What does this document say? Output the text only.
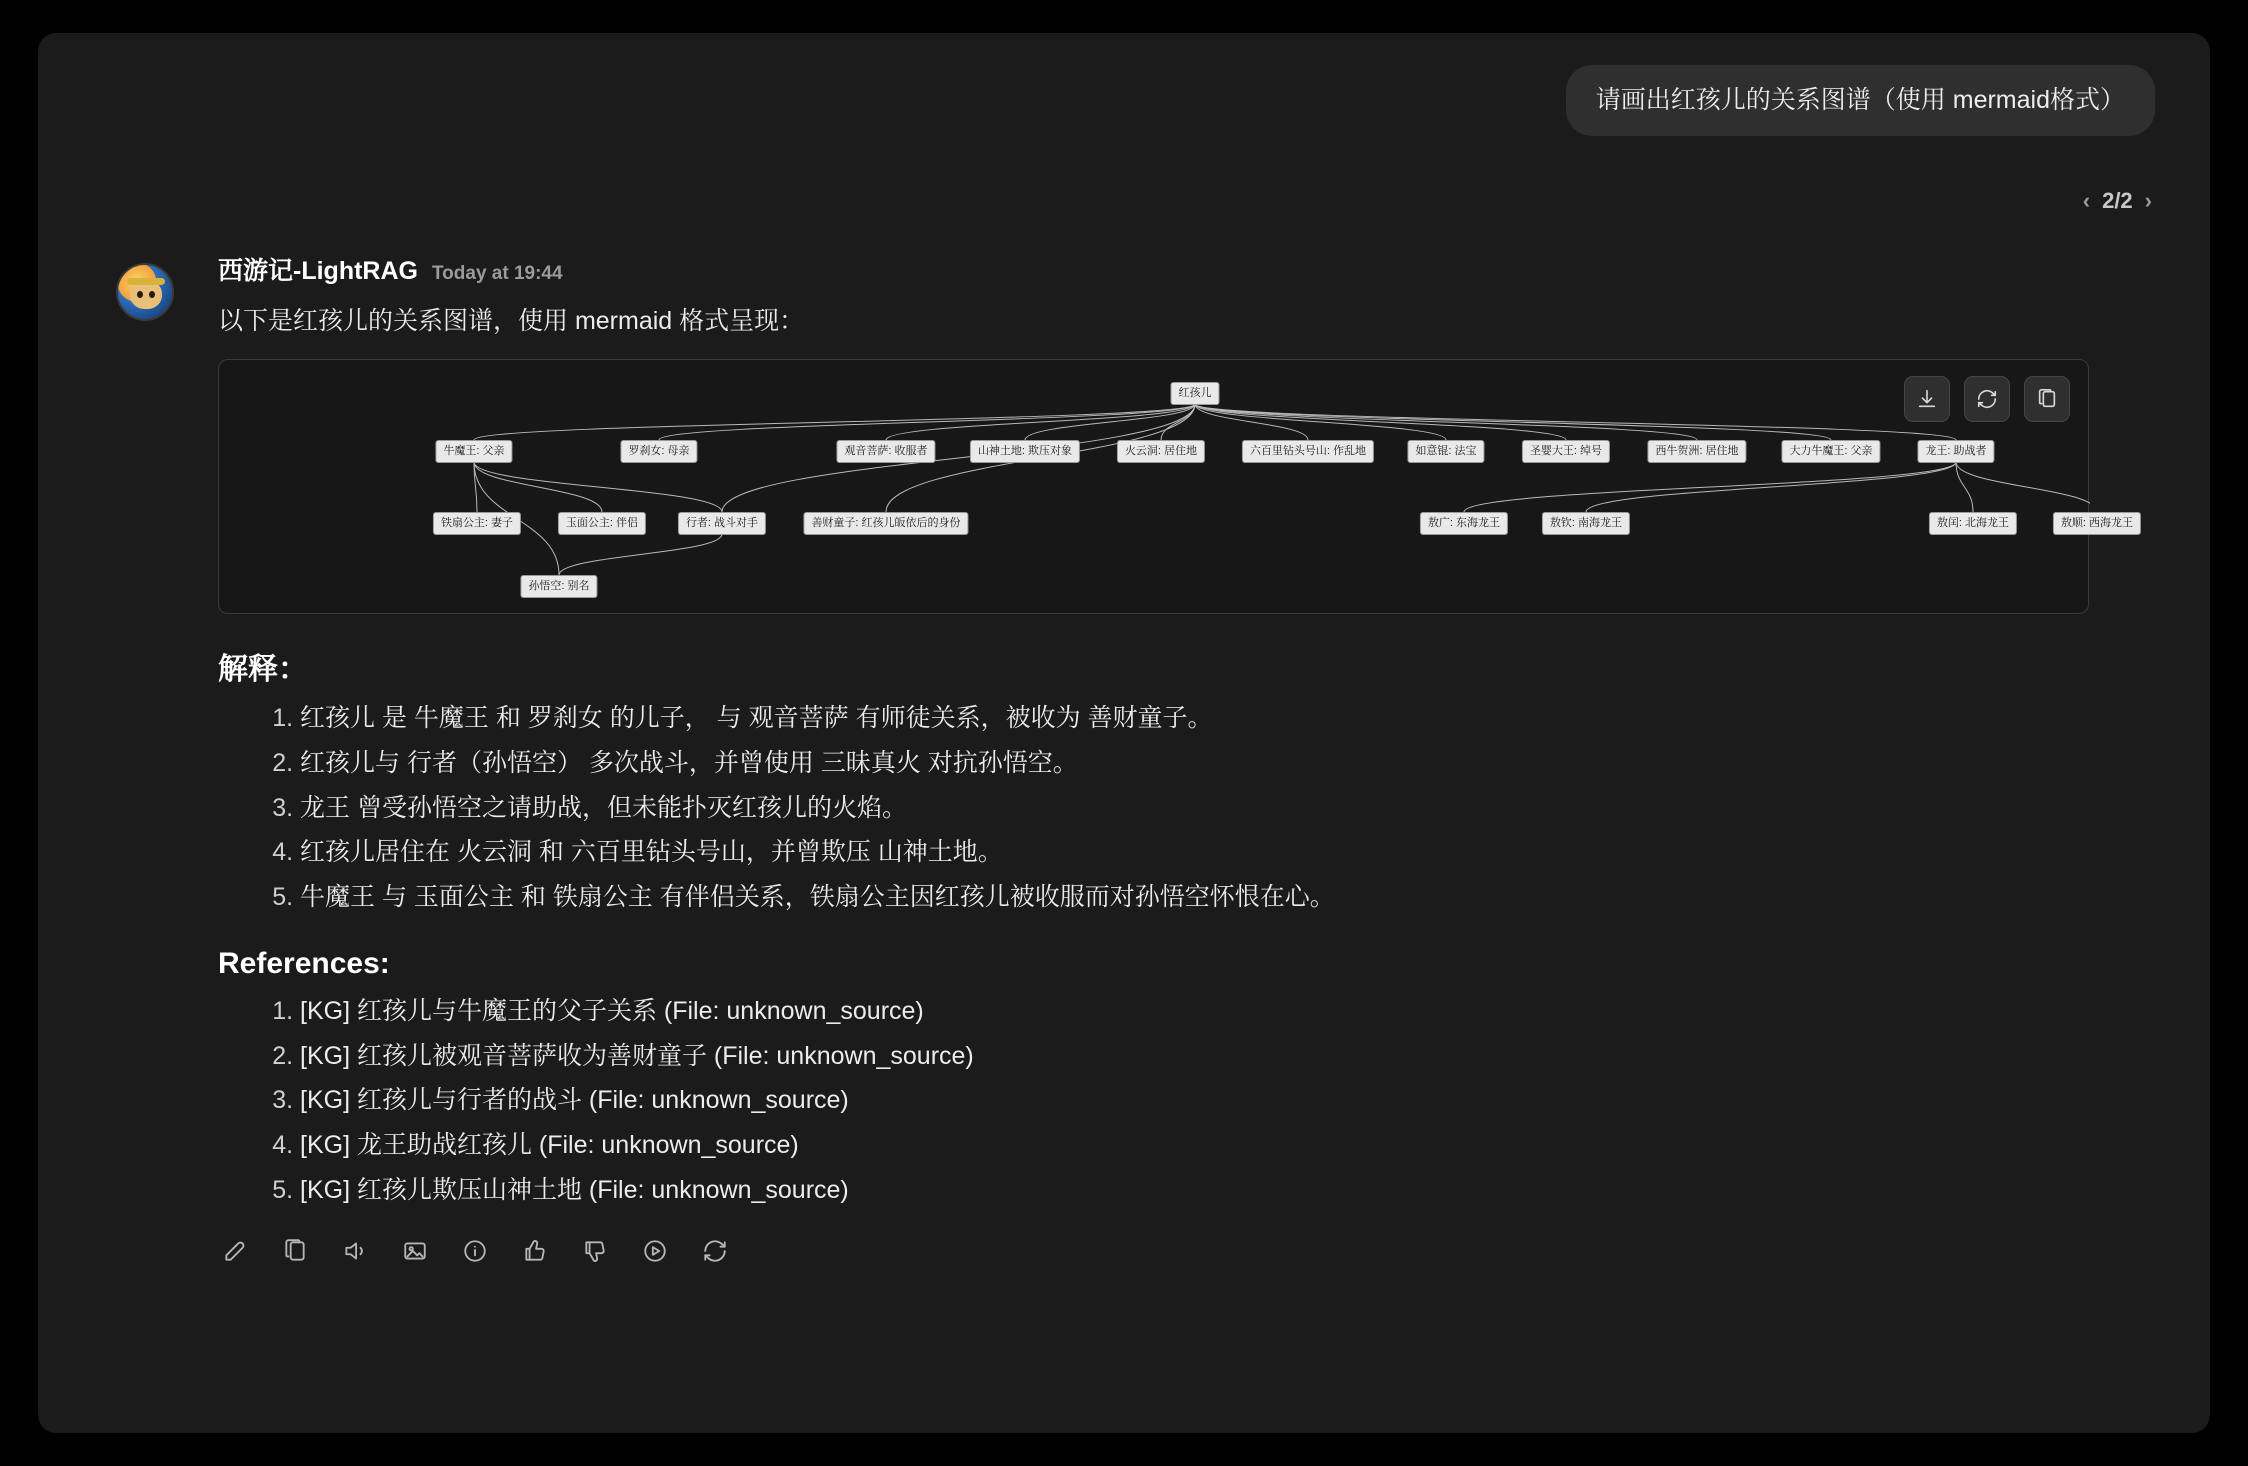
请画出红孩儿的关系图谱（使用 mermaid格式）
‹ 2/2 ›
西游记-LightRAG Today at 19:44
以下是红孩儿的关系图谱，使用 mermaid 格式呈现：
红孩儿
牛魔王: 父亲	罗刹女: 母亲	观音菩萨: 收服者	山神土地: 欺压对象	火云洞: 居住地	六百里钻头号山: 作乱地	如意锟: 法宝	圣婴大王: 绰号	西牛贺洲: 居住地	大力牛魔王: 父亲	龙王: 助战者
铁扇公主: 妻子	玉面公主: 伴侣	行者: 战斗对手	善财童子: 红孩儿皈依后的身份	敖广: 东海龙王	敖钦: 南海龙王	敖闰: 北海龙王	敖顺: 西海龙王
孙悟空: 别名
解释：
1. 红孩儿 是 牛魔王 和 罗刹女 的儿子， 与 观音菩萨 有师徒关系，被收为 善财童子。
2. 红孩儿与 行者（孙悟空） 多次战斗，并曾使用 三昧真火 对抗孙悟空。
3. 龙王 曾受孙悟空之请助战，但未能扑灭红孩儿的火焰。
4. 红孩儿居住在 火云洞 和 六百里钻头号山，并曾欺压 山神土地。
5. 牛魔王 与 玉面公主 和 铁扇公主 有伴侣关系，铁扇公主因红孩儿被收服而对孙悟空怀恨在心。
References:
1. [KG] 红孩儿与牛魔王的父子关系 (File: unknown_source)
2. [KG] 红孩儿被观音菩萨收为善财童子 (File: unknown_source)
3. [KG] 红孩儿与行者的战斗 (File: unknown_source)
4. [KG] 龙王助战红孩儿 (File: unknown_source)
5. [KG] 红孩儿欺压山神土地 (File: unknown_source)
